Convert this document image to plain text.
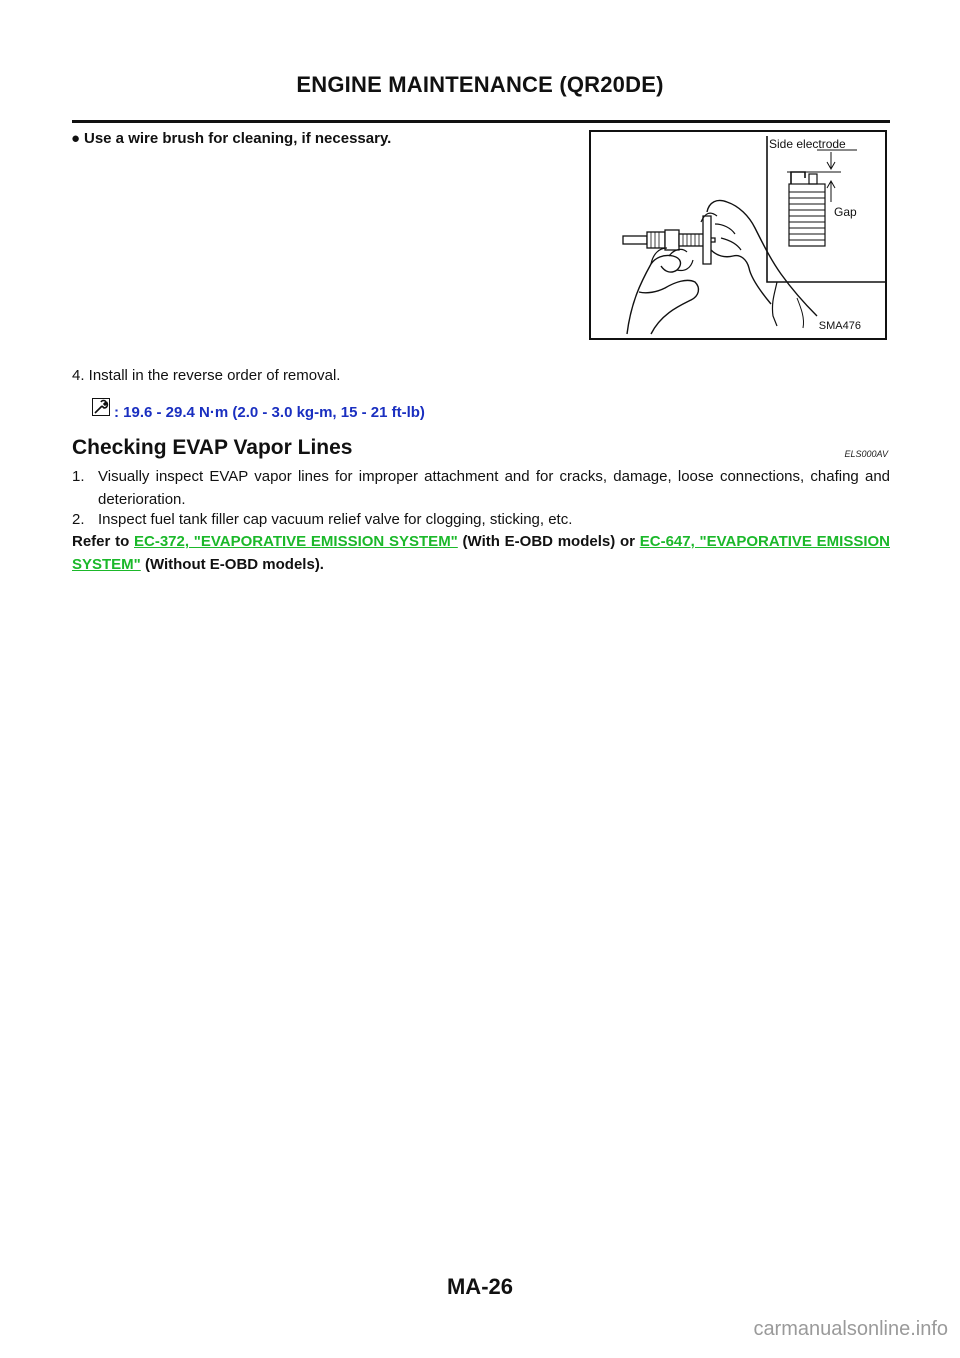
ENGINE MAINTENANCE (QR20DE)
● Use a wire brush for cleaning, if necessary.	Side electrode
Gap
SMA476
4. Install in the reverse order of removal.
: 19.6 - 29.4 N·m (2.0 - 3.0 kg-m, 15 - 21 ft-lb)
Checking EVAP Vapor Lines	ELS000AV
1. Visually inspect EVAP vapor lines for improper attachment and for cracks, damage, loose connections, chafing and deterioration.
2. Inspect fuel tank filler cap vacuum relief valve for clogging, sticking, etc.
Refer to EC-372, "EVAPORATIVE EMISSION SYSTEM" (With E-OBD models) or EC-647, "EVAPORATIVE EMISSION SYSTEM" (Without E-OBD models).
MA-26
carmanualsonline.info
